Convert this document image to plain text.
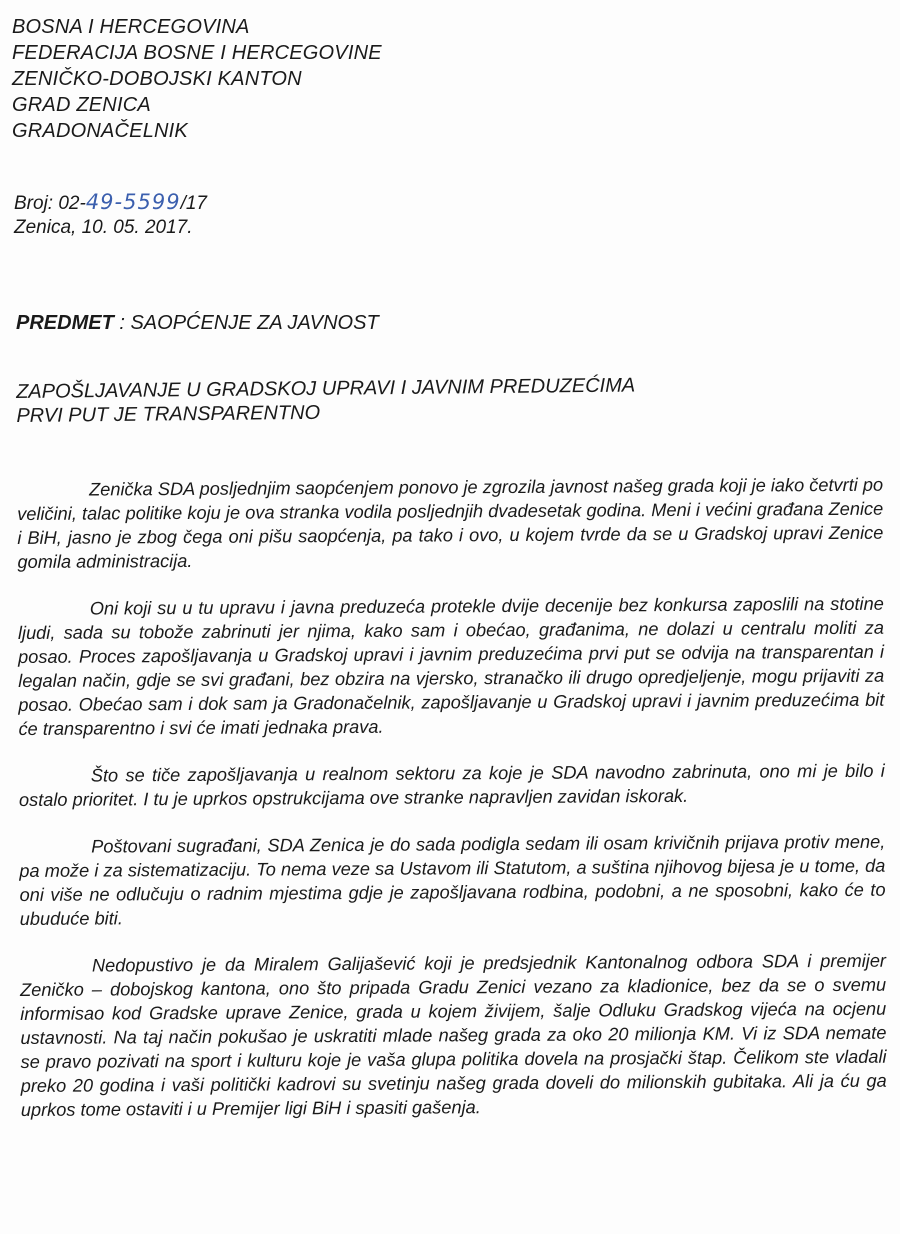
BOSNA I HERCEGOVINA
FEDERACIJA BOSNE I HERCEGOVINE
ZENIČKO-DOBOJSKI KANTON
GRAD ZENICA
GRADONAČELNIK
Broj: 02-49-5599/17
Zenica, 10. 05. 2017.
PREDMET : SAOPĆENJE ZA JAVNOST
ZAPOŠLJAVANJE U GRADSKOJ UPRAVI I JAVNIM PREDUZEĆIMA
PRVI PUT JE TRANSPARENTNO

Zenička SDA posljednjim saopćenjem ponovo je zgrozila javnost našeg grada koji je iako četvrti po veličini, talac politike koju je ova stranka vodila posljednjih dvadesetak godina. Meni i većini građana Zenice i BiH, jasno je zbog čega oni pišu saopćenja, pa tako i ovo, u kojem tvrde da se u Gradskoj upravi Zenice gomila administracija.

Oni koji su u tu upravu i javna preduzeća protekle dvije decenije bez konkursa zaposlili na stotine ljudi, sada su tobože zabrinuti jer njima, kako sam i obećao, građanima, ne dolazi u centralu moliti za posao. Proces zapošljavanja u Gradskoj upravi i javnim preduzećima prvi put se odvija na transparentan i legalan način, gdje se svi građani, bez obzira na vjersko, stranačko ili drugo opredjeljenje, mogu prijaviti za posao. Obećao sam i dok sam ja Gradonačelnik, zapošljavanje u Gradskoj upravi i javnim preduzećima bit će transparentno i svi će imati jednaka prava.

Što se tiče zapošljavanja u realnom sektoru za koje je SDA navodno zabrinuta, ono mi je bilo i ostalo prioritet. I tu je uprkos opstrukcijama ove stranke napravljen zavidan iskorak.

Poštovani sugrađani, SDA Zenica je do sada podigla sedam ili osam krivičnih prijava protiv mene, pa može i za sistematizaciju. To nema veze sa Ustavom ili Statutom, a suština njihovog bijesa je u tome, da oni više ne odlučuju o radnim mjestima gdje je zapošljavana rodbina, podobni, a ne sposobni, kako će to ubuduće biti.

Nedopustivo je da Miralem Galijašević koji je predsjednik Kantonalnog odbora SDA i premijer Zeničko – dobojskog kantona, ono što pripada Gradu Zenici vezano za kladionice, bez da se o svemu informisao kod Gradske uprave Zenice, grada u kojem živijem, šalje Odluku Gradskog vijeća na ocjenu ustavnosti. Na taj način pokušao je uskratiti mlade našeg grada za oko 20 milionja KM. Vi iz SDA nemate se pravo pozivati na sport i kulturu koje je vaša glupa politika dovela na prosjački štap. Čelikom ste vladali preko 20 godina i vaši politički kadrovi su svetinju našeg grada doveli do milionskih gubitaka. Ali ja ću ga uprkos tome ostaviti i u Premijer ligi BiH i spasiti gašenja.
